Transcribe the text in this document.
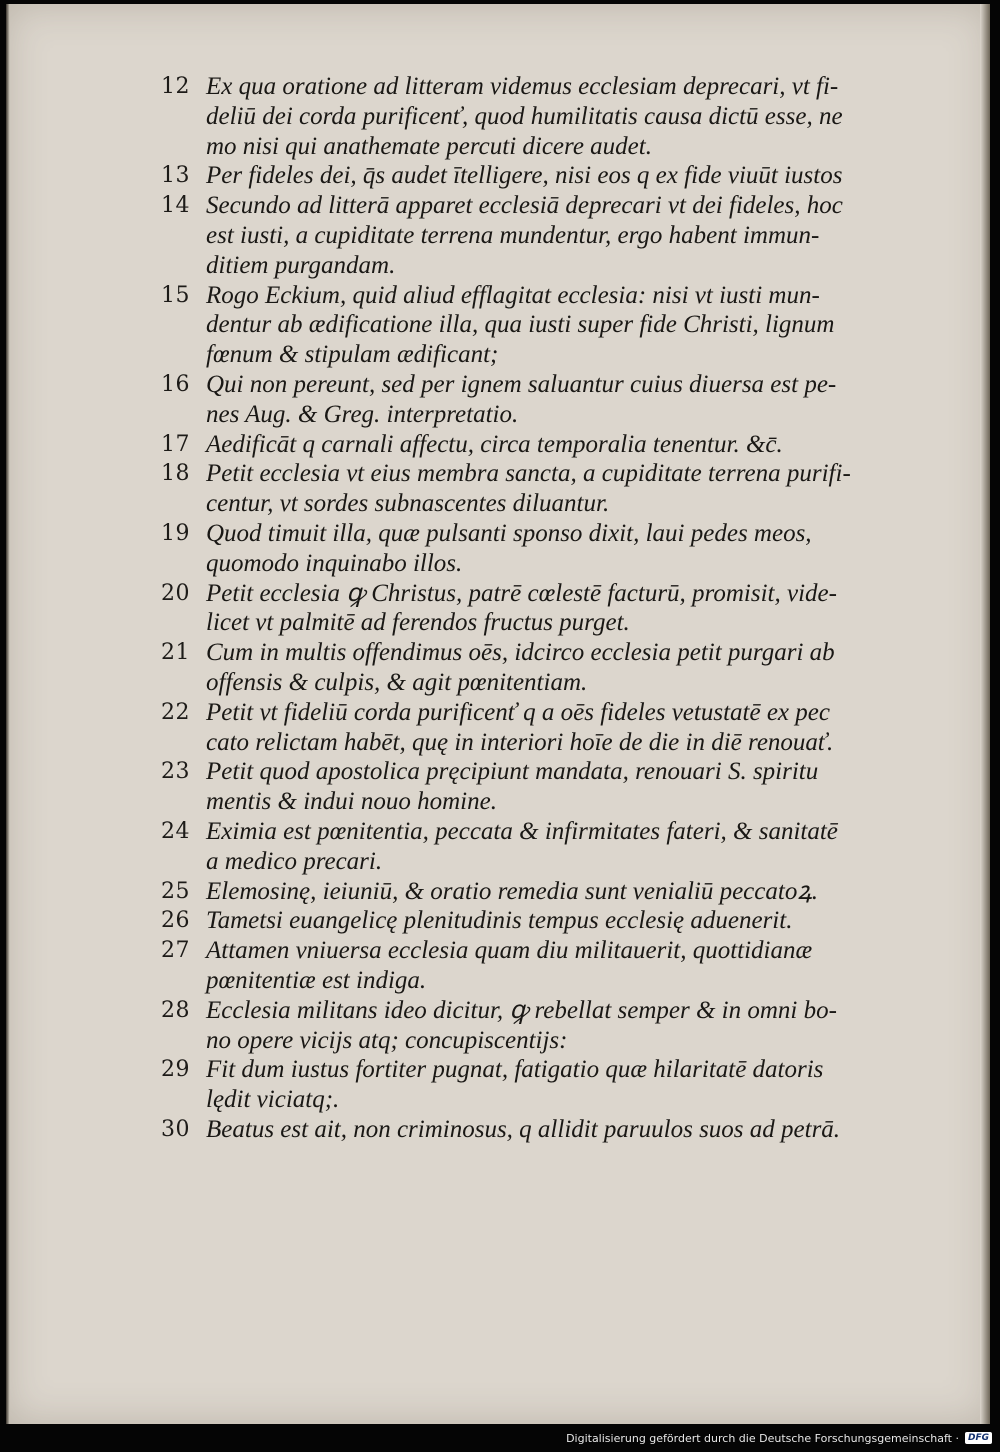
12 Ex qua oratione ad litteram videmus ecclesiam deprecari, vt fi-
deliū dei corda purificenť, quod humilitatis causa dictū esse, ne
mo nisi qui anathemate percuti dicere audet.
13 Per fideles dei, q̄s audet ītelligere, nisi eos q ex fide viuūt iustos
14 Secundo ad litterā apparet ecclesiā deprecari vt dei fideles, hoc
est iusti, a cupiditate terrena mundentur, ergo habent immun-
ditiem purgandam.
15 Rogo Eckium, quid aliud efflagitat ecclesia: nisi vt iusti mun-
dentur ab ædificatione illa, qua iusti super fide Christi, lignum
fœnum & stipulam ædificant;
16 Qui non pereunt, sed per ignem saluantur cuius diuersa est pe-
nes Aug. & Greg. interpretatio.
17 Aedificāt q carnali affectu, circa temporalia tenentur. &c̄.
18 Petit ecclesia vt eius membra sancta, a cupiditate terrena purifi-
centur, vt sordes subnascentes diluantur.
19 Quod timuit illa, quæ pulsanti sponso dixit, laui pedes meos,
quomodo inquinabo illos.
20 Petit ecclesia ꝙ Christus, patrē cœlestē facturū, promisit, vide-
licet vt palmitē ad ferendos fructus purget.
21 Cum in multis offendimus oēs, idcirco ecclesia petit purgari ab
offensis & culpis, & agit pœnitentiam.
22 Petit vt fideliū corda purificenť q a oēs fideles vetustatē ex pec
cato relictam habēt, quę in interiori hoīe de die in diē renouať.
23 Petit quod apostolica pręcipiunt mandata, renouari S. spiritu
mentis & indui nouo homine.
24 Eximia est pœnitentia, peccata & infirmitates fateri, & sanitatē
a medico precari.
25 Elemosinę, ieiuniū, & oratio remedia sunt venialiū peccatoꝝ.
26 Tametsi euangelicę plenitudinis tempus ecclesię aduenerit.
27 Attamen vniuersa ecclesia quam diu militauerit, quottidianæ
pœnitentiæ est indiga.
28 Ecclesia militans ideo dicitur, ꝙ rebellat semper & in omni bo-
no opere vicijs atq; concupiscentijs:
29 Fit dum iustus fortiter pugnat, fatigatio quæ hilaritatē datoris
lędit viciatq;.
30 Beatus est ait, non criminosus, q allidit paruulos suos ad petrā.
Digitalisierung gefördert durch die Deutsche Forschungsgemeinschaft ·	DFG
